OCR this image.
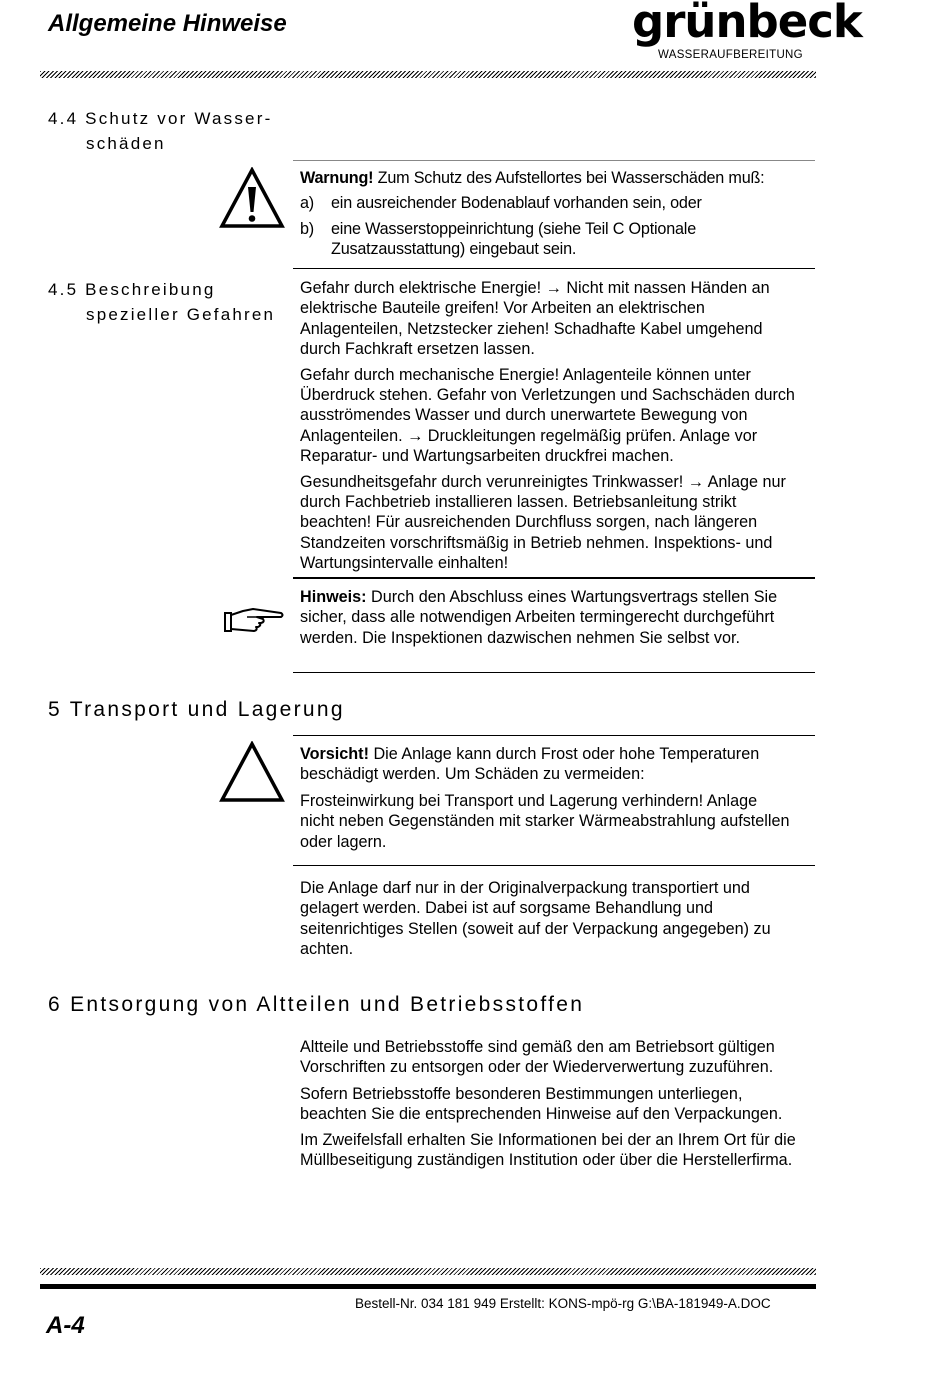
Allgemeine Hinweise	grünbeck
WASSERAUFBEREITUNG
4.4 Schutz vor Wasser-
schäden

Warnung! Zum Schutz des Aufstellortes bei Wasserschäden muß:

a)	ein ausreichender Bodenablauf vorhanden sein, oder
b)	eine Wasserstoppeinrichtung (siehe Teil C Optionale Zusatzausstattung) eingebaut sein.
4.5 Beschreibung
spezieller Gefahren

Gefahr durch elektrische Energie! → Nicht mit nassen Händen an elektrische Bauteile greifen! Vor Arbeiten an elektrischen Anlagenteilen, Netzstecker ziehen! Schadhafte Kabel umgehend durch Fachkraft ersetzen lassen.

Gefahr durch mechanische Energie! Anlagenteile können unter Überdruck stehen. Gefahr von Verletzungen und Sachschäden durch ausströmendes Wasser und durch unerwartete Bewegung von Anlagenteilen. → Druckleitungen regelmäßig prüfen. Anlage vor Reparatur- und Wartungsarbeiten druckfrei machen.

Gesundheitsgefahr durch verunreinigtes Trinkwasser! → Anlage nur durch Fachbetrieb installieren lassen. Betriebsanleitung strikt beachten! Für ausreichenden Durchfluss sorgen, nach längeren Standzeiten vorschriftsmäßig in Betrieb nehmen. Inspektions- und Wartungsintervalle einhalten!

Hinweis: Durch den Abschluss eines Wartungsvertrags stellen Sie sicher, dass alle notwendigen Arbeiten termingerecht durchgeführt werden. Die Inspektionen dazwischen nehmen Sie selbst vor.

5 Transport und Lagerung

Vorsicht! Die Anlage kann durch Frost oder hohe Temperaturen beschädigt werden. Um Schäden zu vermeiden:

Frosteinwirkung bei Transport und Lagerung verhindern! Anlage nicht neben Gegenständen mit starker Wärmeabstrahlung aufstellen oder lagern.

Die Anlage darf nur in der Originalverpackung transportiert und gelagert werden. Dabei ist auf sorgsame Behandlung und seitenrichtiges Stellen (soweit auf der Verpackung angegeben) zu achten.
6 Entsorgung von Altteilen und Betriebsstoffen

Altteile und Betriebsstoffe sind gemäß den am Betriebsort gültigen Vorschriften zu entsorgen oder der Wiederverwertung zuzuführen.

Sofern Betriebsstoffe besonderen Bestimmungen unterliegen, beachten Sie die entsprechenden Hinweise auf den Verpackungen.

Im Zweifelsfall erhalten Sie Informationen bei der an Ihrem Ort für die Müllbeseitigung zuständigen Institution oder über die Herstellerfirma.

Bestell-Nr. 034 181 949 Erstellt: KONS-mpö-rg G:\BA-181949-A.DOC
A-4
